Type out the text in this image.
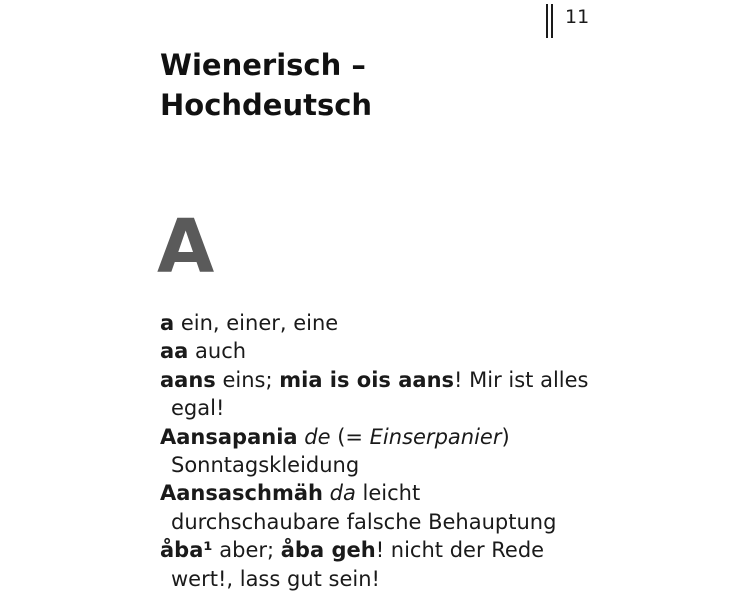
11
Wienerisch –
Hochdeutsch
A
a ein, einer, eine
aa auch
aans eins; mia is ois aans! Mir ist alles egal!
Aansapania de (= Einserpanier) Sonntagskleidung
Aansaschmäh da leicht durchschaubare falsche Behauptung
åba¹ aber; åba geh! nicht der Rede wert!, lass gut sein!
